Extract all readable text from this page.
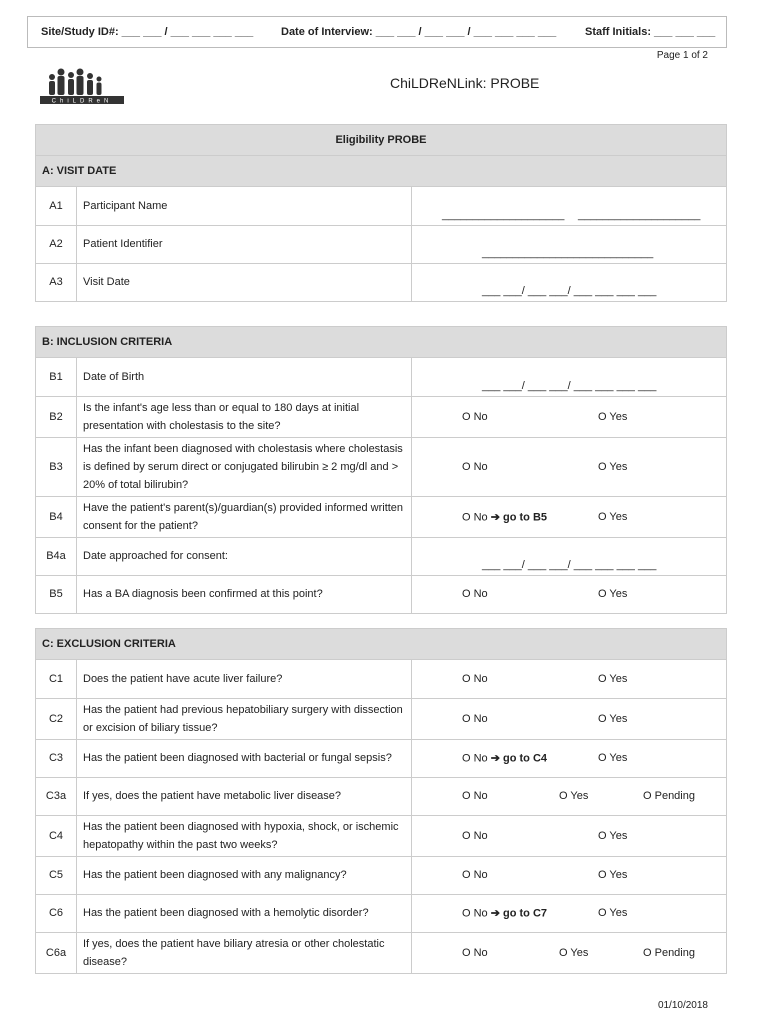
Site/Study ID#: ___ ___ / ___ ___ ___ ___	Date of Interview: ___ ___ / ___ ___ / ___ ___ ___ ___	Staff Initials: ___ ___ ___
Page 1 of 2
ChiLDReN
ChiLDReNLink: PROBE
Eligibility PROBE
A: VISIT DATE
A1	Participant Name	____________________ ____________________

A2	Patient Identifier	____________________________

A3	Visit Date	___ ___/ ___ ___/ ___ ___ ___ ___
B: INCLUSION CRITERIA
B1	Date of Birth	___ ___/ ___ ___/ ___ ___ ___ ___

B2	Is the infant's age less than or equal to 180 days at initial presentation with cholestasis to the site?	O No O Yes

B3	Has the infant been diagnosed with cholestasis where cholestasis is defined by serum direct or conjugated bilirubin ≥ 2 mg/dl and > 20% of total bilirubin?	O No O Yes

B4	Have the patient's parent(s)/guardian(s) provided informed written consent for the patient?	O No ➔ go to B5 O Yes

B4a	Date approached for consent:	___ ___/ ___ ___/ ___ ___ ___ ___

B5	Has a BA diagnosis been confirmed at this point?	O No O Yes
C: EXCLUSION CRITERIA
C1	Does the patient have acute liver failure?	O No O Yes

C2	Has the patient had previous hepatobiliary surgery with dissection or excision of biliary tissue?	O No O Yes

C3	Has the patient been diagnosed with bacterial or fungal sepsis?	O No ➔ go to C4 O Yes

C3a	If yes, does the patient have metabolic liver disease?	O No O Yes O Pending

C4	Has the patient been diagnosed with hypoxia, shock, or ischemic hepatopathy within the past two weeks?	O No O Yes

C5	Has the patient been diagnosed with any malignancy?	O No O Yes

C6	Has the patient been diagnosed with a hemolytic disorder?	O No ➔ go to C7 O Yes

C6a	If yes, does the patient have biliary atresia or other cholestatic disease?	O No O Yes O Pending
01/10/2018
